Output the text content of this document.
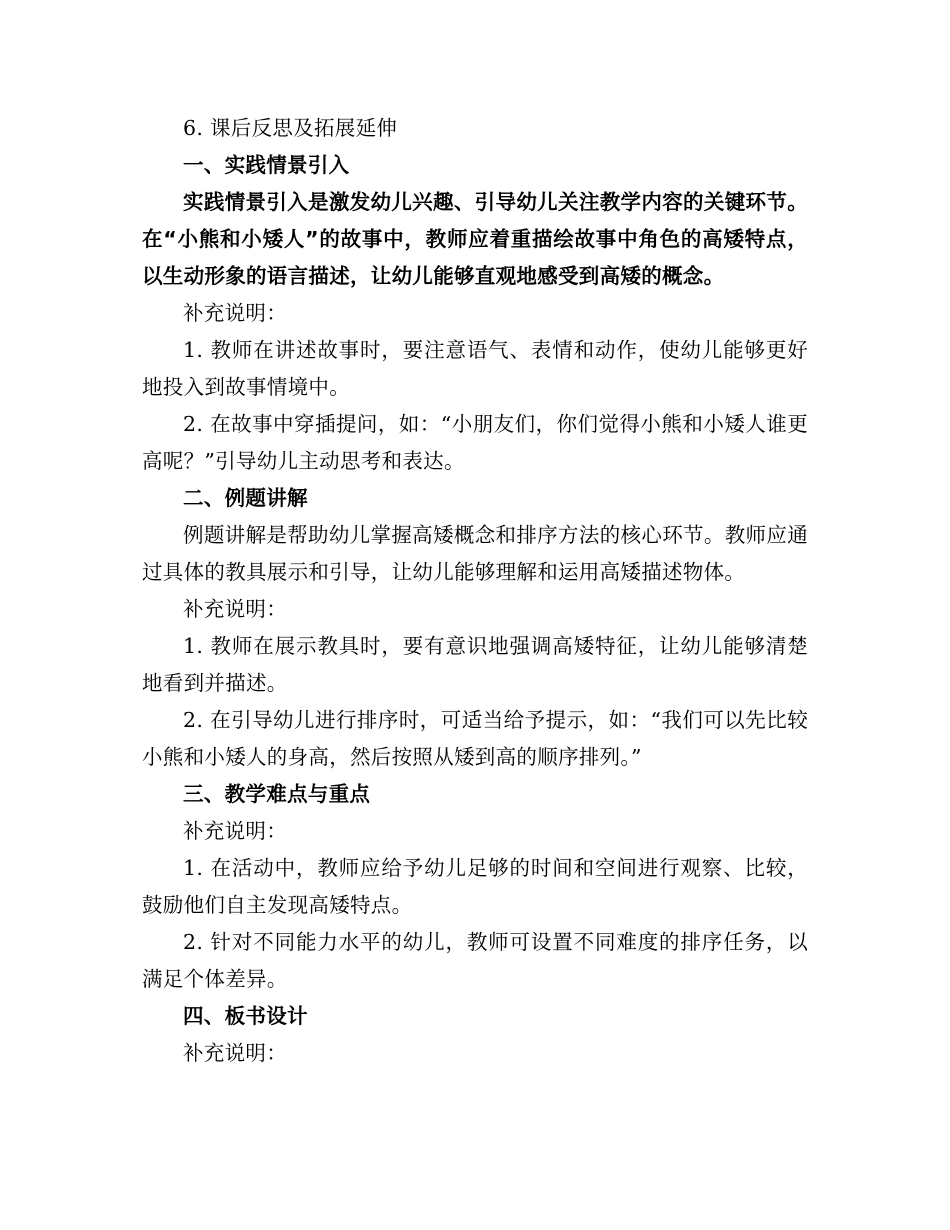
6. 课后反思及拓展延伸

一、实践情景引入

实践情景引入是激发幼儿兴趣、引导幼儿关注教学内容的关键环节。在“小熊和小矮人”的故事中，教师应着重描绘故事中角色的高矮特点，以生动形象的语言描述，让幼儿能够直观地感受到高矮的概念。

补充说明：

1. 教师在讲述故事时，要注意语气、表情和动作，使幼儿能够更好地投入到故事情境中。

2. 在故事中穿插提问，如：“小朋友们，你们觉得小熊和小矮人谁更高呢？”引导幼儿主动思考和表达。

二、例题讲解

例题讲解是帮助幼儿掌握高矮概念和排序方法的核心环节。教师应通过具体的教具展示和引导，让幼儿能够理解和运用高矮描述物体。

补充说明：

1. 教师在展示教具时，要有意识地强调高矮特征，让幼儿能够清楚地看到并描述。

2. 在引导幼儿进行排序时，可适当给予提示，如：“我们可以先比较小熊和小矮人的身高，然后按照从矮到高的顺序排列。”

三、教学难点与重点

补充说明：

1. 在活动中，教师应给予幼儿足够的时间和空间进行观察、比较，鼓励他们自主发现高矮特点。

2. 针对不同能力水平的幼儿，教师可设置不同难度的排序任务，以满足个体差异。

四、板书设计

补充说明：
